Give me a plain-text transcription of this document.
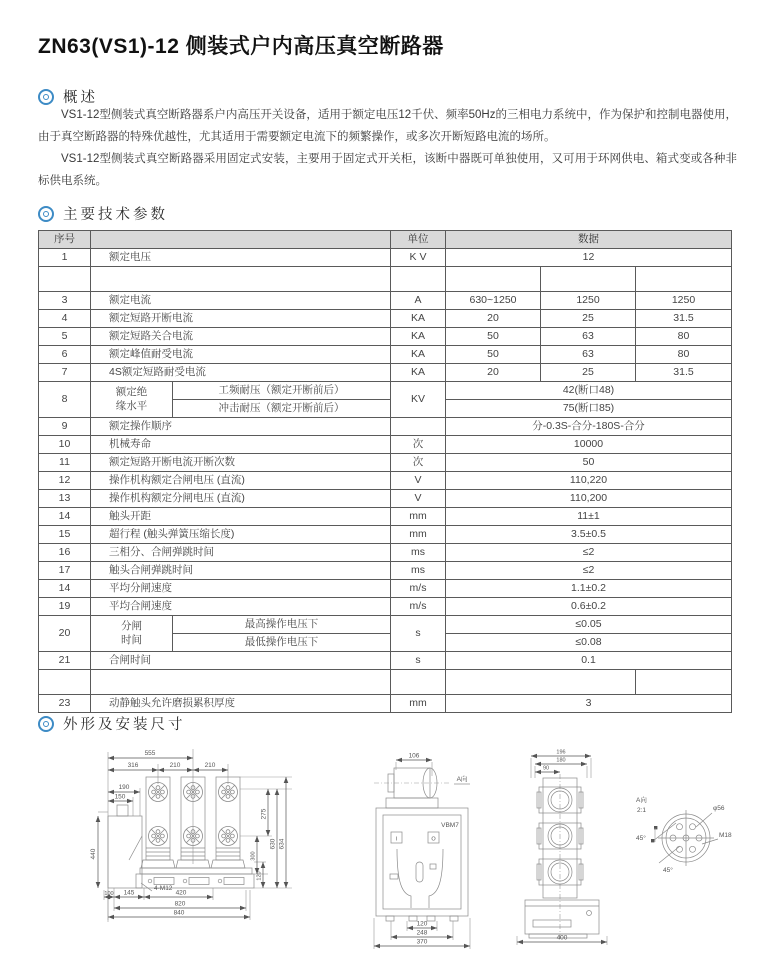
ZN63(VS1)-12 侧装式户内高压真空断路器
概述

VS1-12型侧装式真空断路器系户内高压开关设备，适用于额定电压12千伏、频率50Hz的三相电力系统中，作为保护和控制电器使用，由于真空断路器的特殊优越性，尤其适用于需要额定电流下的频繁操作，或多次开断短路电流的场所。

VS1-12型侧装式真空断路器采用固定式安装，主要用于固定式开关柜，该断中器既可单独使用，又可用于环网供电、箱式变或各种非标供电系统。

主要技术参数
序号			单位	数据		
1	额定电压		K V	12		

3	额定电流		A	630~1250	1250	1250
4	额定短路开断电流		KA	20	25	31.5
5	额定短路关合电流		KA	50	63	80
6	额定峰值耐受电流		KA	50	63	80
7	4S额定短路耐受电流		KA	20	25	31.5
8	额定绝缘水平	工频耐压（额定开断前后）	KV	42(断口48)		
		冲击耐压（额定开断前后）		75(断口85)		
9	额定操作顺序			分-0.3S-合分-180S-合分		
10	机械寿命		次	10000		
11	额定短路开断电流开断次数		次	50		
12	操作机构额定合闸电压 (直流)		V	110,220		
13	操作机构额定分闸电压 (直流)		V	110,200		
14	触头开距		mm	11±1		
15	超行程 (触头弹簧压缩长度)		mm	3.5±0.5		
16	三相分、合闸弹跳时间		ms	≤2		
17	触头合闸弹跳时间		ms	≤2		
14	平均分闸速度		m/s	1.1±0.2		
19	平均合闸速度		m/s	0.6±0.2		
20	分闸时间	最高操作电压下	s	≤0.05		
		最低操作电压下		≤0.08		
21	合闸时间		s	0.1		

23	动静触头允许磨损累积厚度		mm	3		
外形及安装尺寸
555
316	210	210
190
150
440
275
630 634
300
120
100 145	420
820
840
4-M12
106
A向
VBM7
I	O
120
248
370
196
180
90
400
A向
2:1	φ56
M18
45°
45°
